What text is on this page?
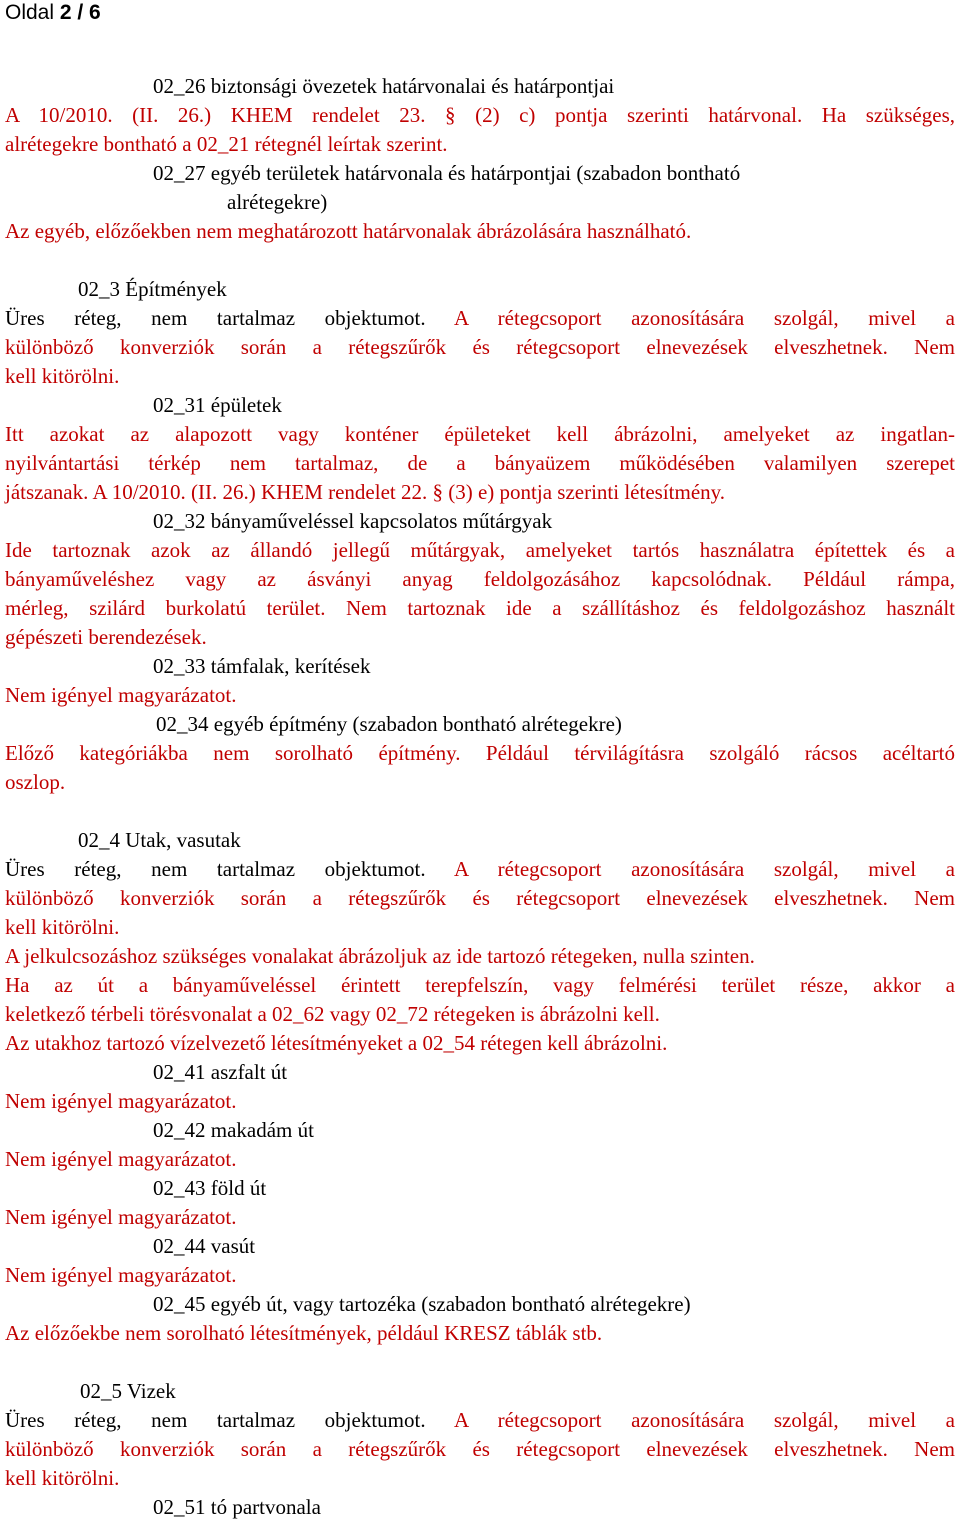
Oldal 2 / 6
02_26 biztonsági övezetek határvonalai és határpontjai
A 10/2010. (II. 26.) KHEM rendelet 23. § (2) c) pontja szerinti határvonal. Ha szükséges,
alrétegekre bontható a 02_21 rétegnél leírtak szerint.
02_27 egyéb területek határvonala és határpontjai (szabadon bontható
alrétegekre)
Az egyéb, előzőekben nem meghatározott határvonalak ábrázolására használható.
02_3 Építmények
Üres réteg, nem tartalmaz objektumot. A rétegcsoport azonosítására szolgál, mivel a
különböző konverziók során a rétegszűrők és rétegcsoport elnevezések elveszhetnek. Nem
kell kitörölni.
02_31 épületek
Itt azokat az alapozott vagy konténer épületeket kell ábrázolni, amelyeket az ingatlan-
nyilvántartási térkép nem tartalmaz, de a bányaüzem működésében valamilyen szerepet
játszanak. A 10/2010. (II. 26.) KHEM rendelet 22. § (3) e) pontja szerinti létesítmény.
02_32 bányaműveléssel kapcsolatos műtárgyak
Ide tartoznak azok az állandó jellegű műtárgyak, amelyeket tartós használatra építettek és a
bányaműveléshez vagy az ásványi anyag feldolgozásához kapcsolódnak. Például rámpa,
mérleg, szilárd burkolatú terület. Nem tartoznak ide a szállításhoz és feldolgozáshoz használt
gépészeti berendezések.
02_33 támfalak, kerítések
Nem igényel magyarázatot.
02_34 egyéb építmény (szabadon bontható alrétegekre)
Előző kategóriákba nem sorolható építmény. Például térvilágításra szolgáló rácsos acéltartó
oszlop.
02_4 Utak, vasutak
Üres réteg, nem tartalmaz objektumot. A rétegcsoport azonosítására szolgál, mivel a
különböző konverziók során a rétegszűrők és rétegcsoport elnevezések elveszhetnek. Nem
kell kitörölni.
A jelkulcsozáshoz szükséges vonalakat ábrázoljuk az ide tartozó rétegeken, nulla szinten.
Ha az út a bányaműveléssel érintett terepfelszín, vagy felmérési terület része, akkor a
keletkező térbeli törésvonalat a 02_62 vagy 02_72 rétegeken is ábrázolni kell.
Az utakhoz tartozó vízelvezető létesítményeket a 02_54 rétegen kell ábrázolni.
02_41 aszfalt út
Nem igényel magyarázatot.
02_42 makadám út
Nem igényel magyarázatot.
02_43 föld út
Nem igényel magyarázatot.
02_44 vasút
Nem igényel magyarázatot.
02_45 egyéb út, vagy tartozéka (szabadon bontható alrétegekre)
Az előzőekbe nem sorolható létesítmények, például KRESZ táblák stb.
02_5 Vizek
Üres réteg, nem tartalmaz objektumot. A rétegcsoport azonosítására szolgál, mivel a
különböző konverziók során a rétegszűrők és rétegcsoport elnevezések elveszhetnek. Nem
kell kitörölni.
02_51 tó partvonala
